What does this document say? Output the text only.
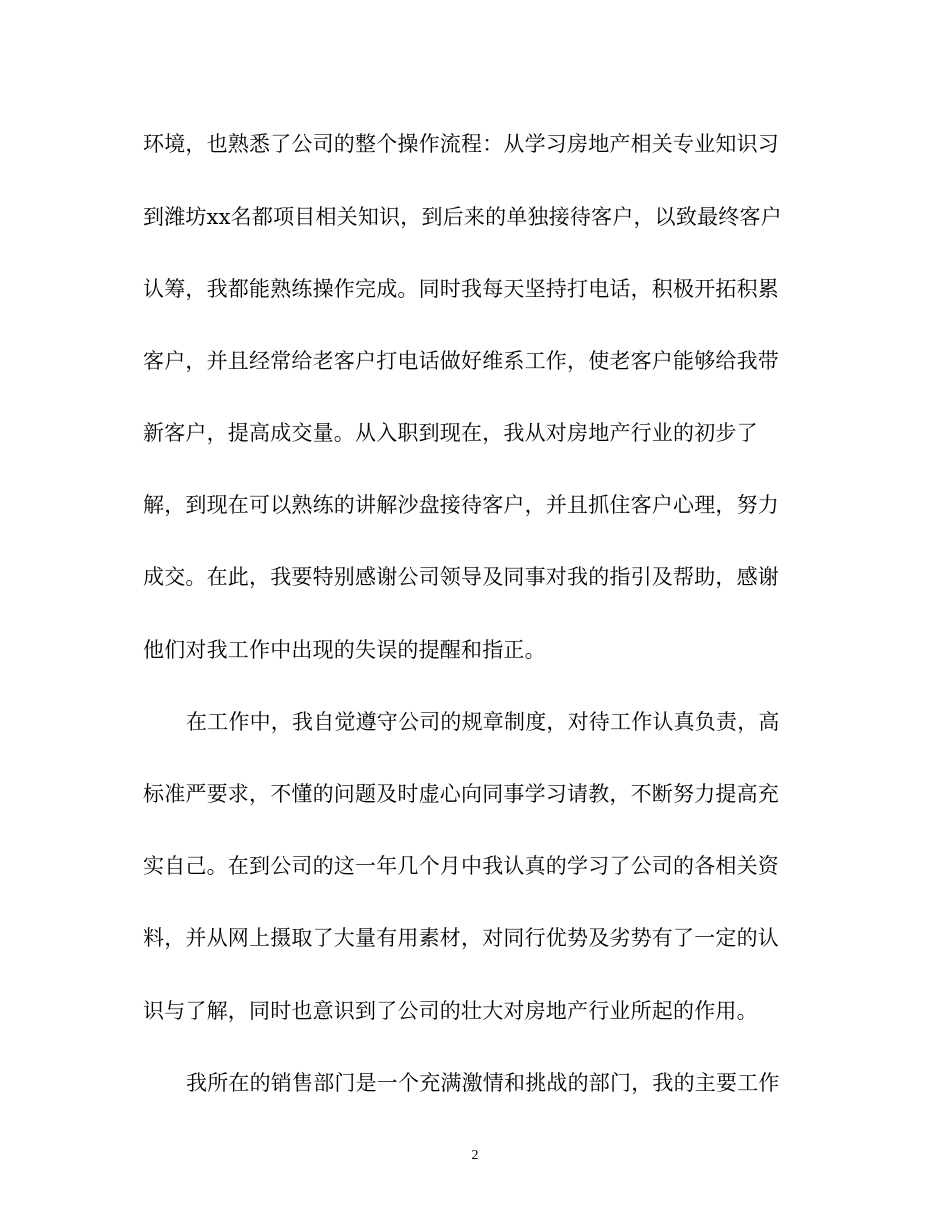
环境，也熟悉了公司的整个操作流程：从学习房地产相关专业知识习
到潍坊xx名都项目相关知识，到后来的单独接待客户，以致最终客户
认筹，我都能熟练操作完成。同时我每天坚持打电话，积极开拓积累
客户，并且经常给老客户打电话做好维系工作，使老客户能够给我带
新客户，提高成交量。从入职到现在，我从对房地产行业的初步了
解，到现在可以熟练的讲解沙盘接待客户，并且抓住客户心理，努力
成交。在此，我要特别感谢公司领导及同事对我的指引及帮助，感谢
他们对我工作中出现的失误的提醒和指正。
在工作中，我自觉遵守公司的规章制度，对待工作认真负责，高
标准严要求，不懂的问题及时虚心向同事学习请教，不断努力提高充
实自己。在到公司的这一年几个月中我认真的学习了公司的各相关资
料，并从网上摄取了大量有用素材，对同行优势及劣势有了一定的认
识与了解，同时也意识到了公司的壮大对房地产行业所起的作用。
我所在的销售部门是一个充满激情和挑战的部门，我的主要工作
2
